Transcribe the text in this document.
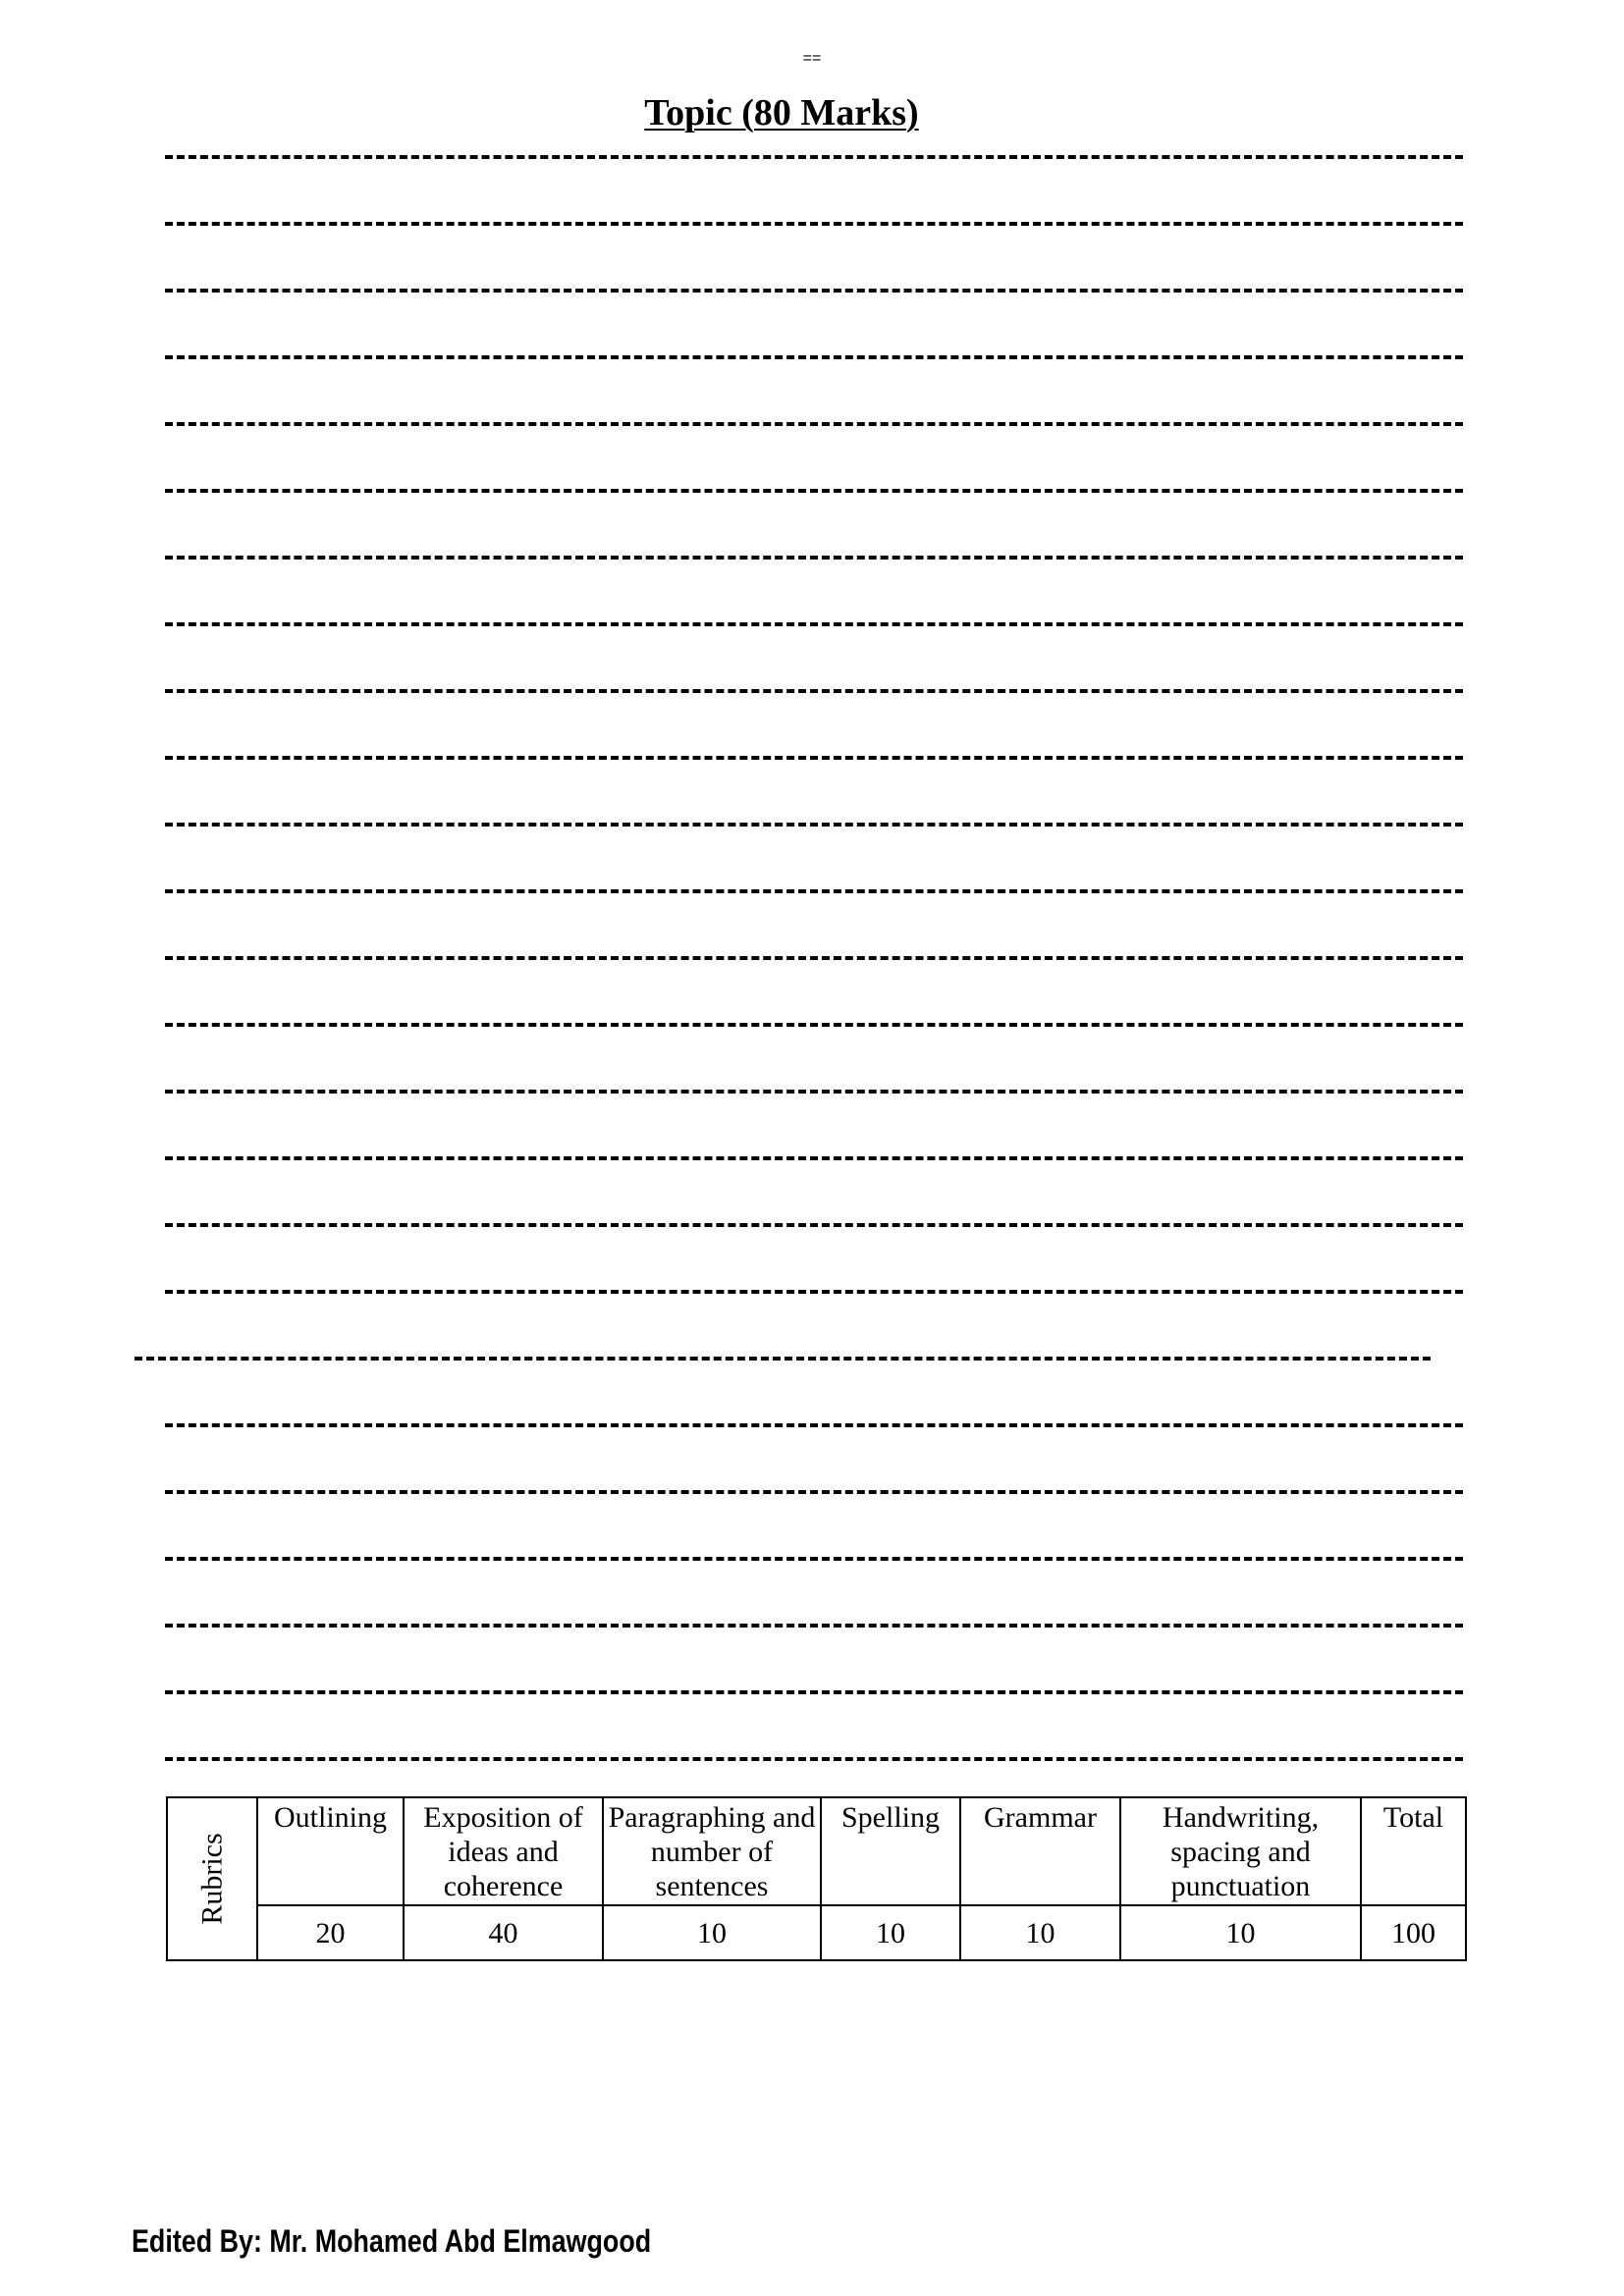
==
Topic (80 Marks)
Rubrics	Outlining	Exposition of ideas and coherence	Paragraphing and number of sentences	Spelling	Grammar	Handwriting, spacing and punctuation	Total
	20	40	10	10	10	10	100
Edited By: Mr. Mohamed Abd Elmawgood
